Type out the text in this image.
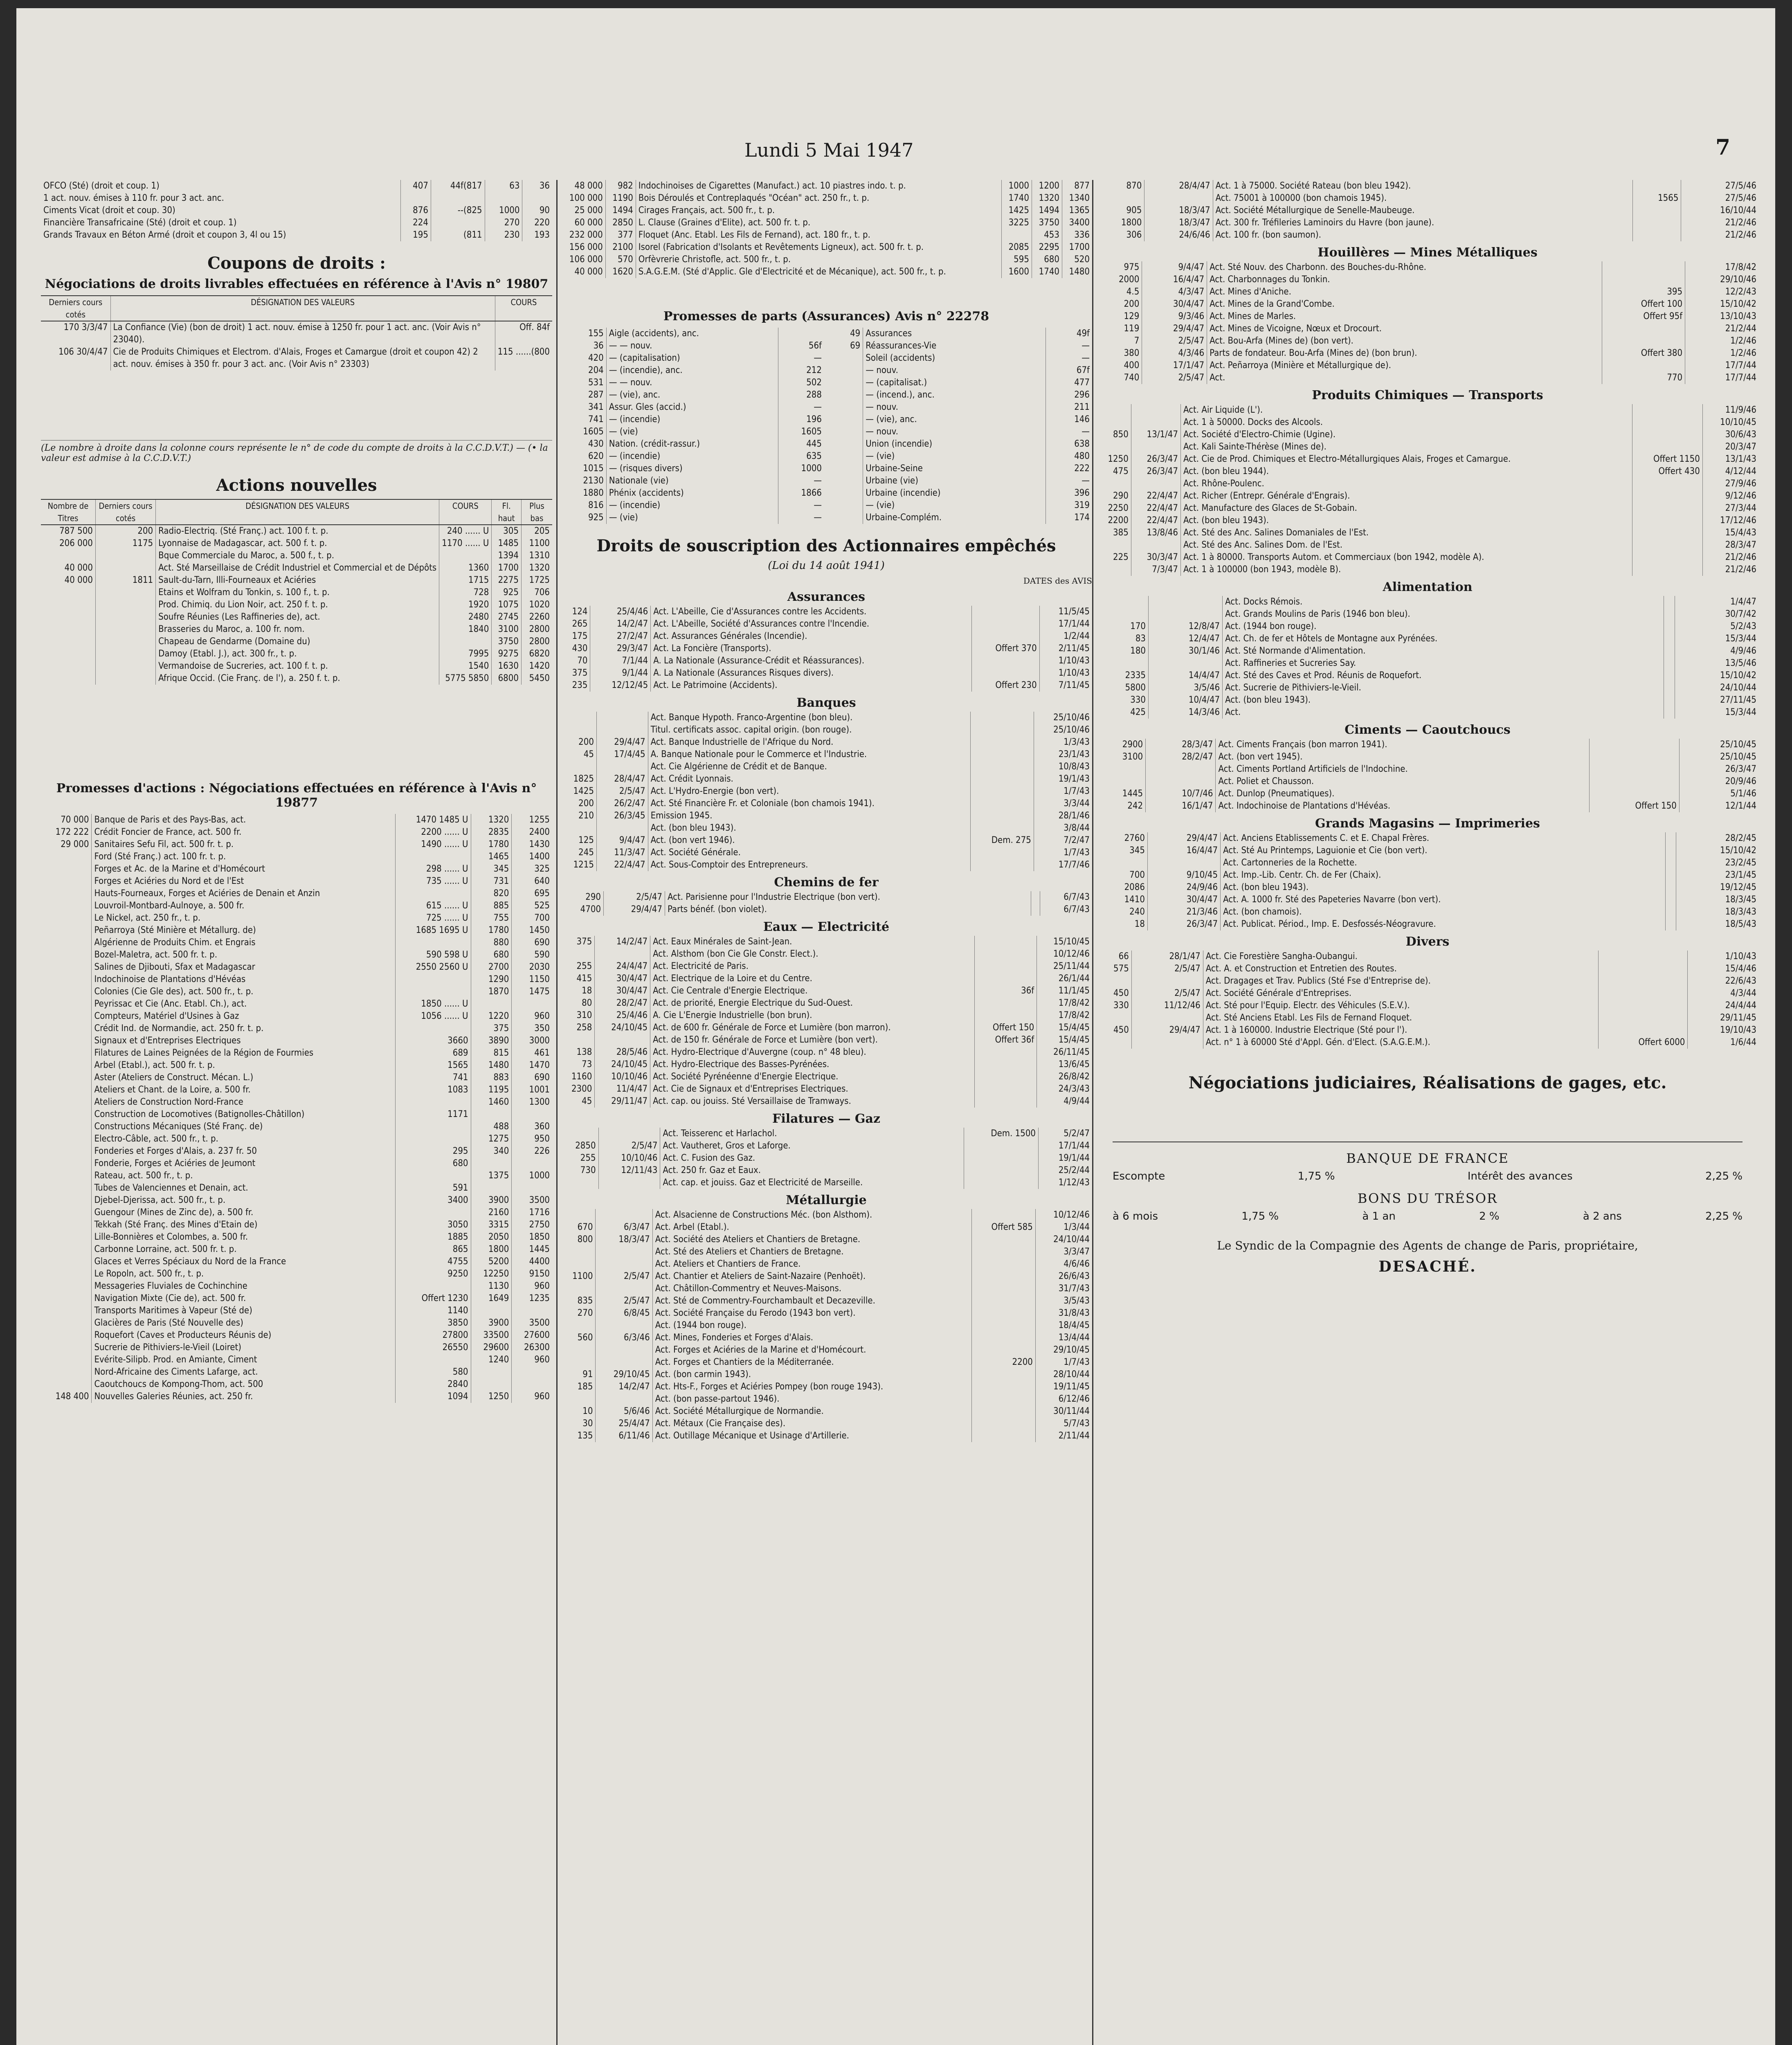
Lundi 5 Mai 1947	7
OFCO (Sté) (droit et coup. 1)	407	44f(817	63	36
1 act. nouv. émises à 110 fr. pour 3 act. anc.				
Ciments Vicat (droit et coup. 30)	876	--(825	1000	90
Financière Transafricaine (Sté) (droit et coup. 1)	224		270	220
Grands Travaux en Béton Armé (droit et coupon 3, 4l ou 15)	195	(811	230	193
Coupons de droits :
Négociations de droits livrables effectuées en référence à l'Avis n° 19807
Derniers cours cotés	DÉSIGNATION DES VALEURS	COURS
170 3/3/47	La Confiance (Vie) (bon de droit) 1 act. nouv. émise à 1250 fr. pour 1 act. anc. (Voir Avis n° 23040).	Off. 84f
106 30/4/47	Cie de Produits Chimiques et Electrom. d'Alais, Froges et Camargue (droit et coupon 42) 2 act. nouv. émises à 350 fr. pour 3 act. anc. (Voir Avis n° 23303)	115 ......(800
(Le nombre à droite dans la colonne cours représente le n° de code du compte de droits à la C.C.D.V.T.) — (• la valeur est admise à la C.C.D.V.T.)
Actions nouvelles
Nombre de Titres	Derniers cours cotés	DÉSIGNATION DES VALEURS	COURS	Fl. haut	Plus bas
787 500	200	Radio-Electriq. (Sté Franç.) act. 100 f. t. p.	240 ...... U	305	205
206 000	1175	Lyonnaise de Madagascar, act. 500 f. t. p.	1170 ...... U	1485	1100
		Bque Commerciale du Maroc, a. 500 f., t. p.		1394	1310
40 000		Act. Sté Marseillaise de Crédit Industriel et Commercial et de Dépôts	1360	1700	1320
40 000	1811	Sault-du-Tarn, Illi-Fourneaux et Aciéries	1715	2275	1725
		Etains et Wolfram du Tonkin, s. 100 f., t. p.	728	925	706
		Prod. Chimiq. du Lion Noir, act. 250 f. t. p.	1920	1075	1020
		Soufre Réunies (Les Raffineries de), act.	2480	2745	2260
		Brasseries du Maroc, a. 100 fr. nom.	1840	3100	2800
		Chapeau de Gendarme (Domaine du)		3750	2800
		Damoy (Etabl. J.), act. 300 fr., t. p.	7995	9275	6820
		Vermandoise de Sucreries, act. 100 f. t. p.	1540	1630	1420
		Afrique Occid. (Cie Franç. de l'), a. 250 f. t. p.	5775 5850	6800	5450
Promesses d'actions : Négociations effectuées en référence à l'Avis n° 19877
70 000	Banque de Paris et des Pays-Bas, act.	1470 1485 U	1320	1255
172 222	Crédit Foncier de France, act. 500 fr.	2200 ...... U	2835	2400
29 000	Sanitaires Sefu Fil, act. 500 fr. t. p.	1490 ...... U	1780	1430
	Ford (Sté Franç.) act. 100 fr. t. p.		1465	1400
	Forges et Ac. de la Marine et d'Homécourt	298 ...... U	345	325
	Forges et Aciéries du Nord et de l'Est	735 ...... U	731	640
	Hauts-Fourneaux, Forges et Aciéries de Denain et Anzin		820	695
	Louvroil-Montbard-Aulnoye, a. 500 fr.	615 ...... U	885	525
	Le Nickel, act. 250 fr., t. p.	725 ...... U	755	700
	Peñarroya (Sté Minière et Métallurg. de)	1685 1695 U	1780	1450
	Algérienne de Produits Chim. et Engrais		880	690
	Bozel-Maletra, act. 500 fr. t. p.	590 598 U	680	590
	Salines de Djibouti, Sfax et Madagascar	2550 2560 U	2700	2030
	Indochinoise de Plantations d'Hévéas		1290	1150
	Colonies (Cie Gle des), act. 500 fr., t. p.		1870	1475
	Peyrissac et Cie (Anc. Etabl. Ch.), act.	1850 ...... U		
	Compteurs, Matériel d'Usines à Gaz	1056 ...... U	1220	960
	Crédit Ind. de Normandie, act. 250 fr. t. p.		375	350
	Signaux et d'Entreprises Electriques	3660	3890	3000
	Filatures de Laines Peignées de la Région de Fourmies	689	815	461
	Arbel (Etabl.), act. 500 fr. t. p.	1565	1480	1470
	Aster (Ateliers de Construct. Mécan. L.)	741	883	690
	Ateliers et Chant. de la Loire, a. 500 fr.	1083	1195	1001
	Ateliers de Construction Nord-France		1460	1300
	Construction de Locomotives (Batignolles-Châtillon)	1171		
	Constructions Mécaniques (Sté Franç. de)		488	360
	Electro-Câble, act. 500 fr., t. p.		1275	950
	Fonderies et Forges d'Alais, a. 237 fr. 50	295	340	226
	Fonderie, Forges et Aciéries de Jeumont	680		
	Rateau, act. 500 fr., t. p.		1375	1000
	Tubes de Valenciennes et Denain, act.	591		
	Djebel-Djerissa, act. 500 fr., t. p.	3400	3900	3500
	Guengour (Mines de Zinc de), a. 500 fr.		2160	1716
	Tekkah (Sté Franç. des Mines d'Etain de)	3050	3315	2750
	Lille-Bonnières et Colombes, a. 500 fr.	1885	2050	1850
	Carbonne Lorraine, act. 500 fr. t. p.	865	1800	1445
	Glaces et Verres Spéciaux du Nord de la France	4755	5200	4400
	Le Ropoln, act. 500 fr., t. p.	9250	12250	9150
	Messageries Fluviales de Cochinchine		1130	960
	Navigation Mixte (Cie de), act. 500 fr.	Offert 1230	1649	1235
	Transports Maritimes à Vapeur (Sté de)	1140		
	Glacières de Paris (Sté Nouvelle des)	3850	3900	3500
	Roquefort (Caves et Producteurs Réunis de)	27800	33500	27600
	Sucrerie de Pithiviers-le-Vieil (Loiret)	26550	29600	26300
	Evérite-Silipb. Prod. en Amiante, Ciment		1240	960
	Nord-Africaine des Ciments Lafarge, act.	580		
	Caoutchoucs de Kompong-Thom, act. 500	2840		
148 400	Nouvelles Galeries Réunies, act. 250 fr.	1094	1250	960
48 000	982	Indochinoises de Cigarettes (Manufact.) act. 10 piastres indo. t. p.	1000	1200	877
100 000	1190	Bois Déroulés et Contreplaqués "Océan" act. 250 fr., t. p.	1740	1320	1340
25 000	1494	Cirages Français, act. 500 fr., t. p.	1425	1494	1365
60 000	2850	L. Clause (Graines d'Elite), act. 500 fr. t. p.	3225	3750	3400
232 000	377	Floquet (Anc. Etabl. Les Fils de Fernand), act. 180 fr., t. p.		453	336
156 000	2100	Isorel (Fabrication d'Isolants et Revêtements Ligneux), act. 500 fr. t. p.	2085	2295	1700
106 000	570	Orfèvrerie Christofle, act. 500 fr., t. p.	595	680	520
40 000	1620	S.A.G.E.M. (Sté d'Applic. Gle d'Electricité et de Mécanique), act. 500 fr., t. p.	1600	1740	1480
Promesses de parts (Assurances) Avis n° 22278
155	Aigle (accidents), anc.	
36	— — nouv.	56f
420	— (capitalisation)	—
204	— (incendie), anc.	212
531	— — nouv.	502
287	— (vie), anc.	288
341	Assur. Gles (accid.)	—
741	— (incendie)	196
1605	— (vie)	1605
430	Nation. (crédit-rassur.)	445
620	— (incendie)	635
1015	— (risques divers)	1000
2130	Nationale (vie)	—
1880	Phénix (accidents)	1866
816	— (incendie)	—
925	— (vie)	—
49	Assurances	49f
69	Réassurances-Vie	—
	Soleil (accidents)	—
	— nouv.	67f
	— (capitalisat.)	477
	— (incend.), anc.	296
	— nouv.	211
	— (vie), anc.	146
	— nouv.	—
	Union (incendie)	638
	— (vie)	480
	Urbaine-Seine	222
	Urbaine (vie)	—
	Urbaine (incendie)	396
	— (vie)	319
	Urbaine-Complém.	174
Droits de souscription des Actionnaires empêchés
(Loi du 14 août 1941)
DATES des AVIS
Assurances
124	25/4/46	Act. L'Abeille, Cie d'Assurances contre les Accidents.		11/5/45
265	14/2/47	Act. L'Abeille, Société d'Assurances contre l'Incendie.		17/1/44
175	27/2/47	Act. Assurances Générales (Incendie).		1/2/44
430	29/3/47	Act. La Foncière (Transports).	Offert 370	2/11/45
70	7/1/44	A. La Nationale (Assurance-Crédit et Réassurances).		1/10/43
375	9/1/44	A. La Nationale (Assurances Risques divers).		1/10/43
235	12/12/45	Act. Le Patrimoine (Accidents).	Offert 230	7/11/45
Banques
		Act. Banque Hypoth. Franco-Argentine (bon bleu).		25/10/46
		Titul. certificats assoc. capital origin. (bon rouge).		25/10/46
200	29/4/47	Act. Banque Industrielle de l'Afrique du Nord.		1/3/43
45	17/4/45	A. Banque Nationale pour le Commerce et l'Industrie.		23/1/43
		Act. Cie Algérienne de Crédit et de Banque.		10/8/43
1825	28/4/47	Act. Crédit Lyonnais.		19/1/43
1425	2/5/47	Act. L'Hydro-Energie (bon vert).		1/7/43
200	26/2/47	Act. Sté Financière Fr. et Coloniale (bon chamois 1941).		3/3/44
210	26/3/45	Emission 1945.		28/1/46
		Act. (bon bleu 1943).		3/8/44
125	9/4/47	Act. (bon vert 1946).	Dem. 275	7/2/47
245	11/3/47	Act. Société Générale.		1/7/43
1215	22/4/47	Act. Sous-Comptoir des Entrepreneurs.		17/7/46
Chemins de fer
290	2/5/47	Act. Parisienne pour l'Industrie Electrique (bon vert).		6/7/43
4700	29/4/47	Parts bénéf. (bon violet).		6/7/43
Eaux — Electricité
375	14/2/47	Act. Eaux Minérales de Saint-Jean.		15/10/45
		Act. Alsthom (bon Cie Gle Constr. Elect.).		10/12/46
255	24/4/47	Act. Electricité de Paris.		25/11/44
415	30/4/47	Act. Electrique de la Loire et du Centre.		26/1/44
18	30/4/47	Act. Cie Centrale d'Energie Electrique.	36f	11/1/45
80	28/2/47	Act. de priorité, Energie Electrique du Sud-Ouest.		17/8/42
310	25/4/46	A. Cie L'Energie Industrielle (bon brun).		17/8/42
258	24/10/45	Act. de 600 fr. Générale de Force et Lumière (bon marron).	Offert 150	15/4/45
		Act. de 150 fr. Générale de Force et Lumière (bon vert).	Offert 36f	15/4/45
138	28/5/46	Act. Hydro-Electrique d'Auvergne (coup. n° 48 bleu).		26/11/45
73	24/10/45	Act. Hydro-Electrique des Basses-Pyrénées.		13/6/45
1160	10/10/46	Act. Société Pyrénéenne d'Energie Electrique.		26/8/42
2300	11/4/47	Act. Cie de Signaux et d'Entreprises Electriques.		24/3/43
45	29/11/47	Act. cap. ou jouiss. Sté Versaillaise de Tramways.		4/9/44
Filatures — Gaz
		Act. Teisserenc et Harlachol.	Dem. 1500	5/2/47
2850	2/5/47	Act. Vautheret, Gros et Laforge.		17/1/44
255	10/10/46	Act. C. Fusion des Gaz.		19/1/44
730	12/11/43	Act. 250 fr. Gaz et Eaux.		25/2/44
		Act. cap. et jouiss. Gaz et Electricité de Marseille.		1/12/43
Métallurgie
		Act. Alsacienne de Constructions Méc. (bon Alsthom).		10/12/46
670	6/3/47	Act. Arbel (Etabl.).	Offert 585	1/3/44
800	18/3/47	Act. Société des Ateliers et Chantiers de Bretagne.		24/10/44
		Act. Sté des Ateliers et Chantiers de Bretagne.		3/3/47
		Act. Ateliers et Chantiers de France.		4/6/46
1100	2/5/47	Act. Chantier et Ateliers de Saint-Nazaire (Penhoët).		26/6/43
		Act. Châtillon-Commentry et Neuves-Maisons.		31/7/43
835	2/5/47	Act. Sté de Commentry-Fourchambault et Decazeville.		3/5/43
270	6/8/45	Act. Société Française du Ferodo (1943 bon vert).		31/8/43
		Act. (1944 bon rouge).		18/4/45
560	6/3/46	Act. Mines, Fonderies et Forges d'Alais.		13/4/44
		Act. Forges et Aciéries de la Marine et d'Homécourt.		29/10/45
		Act. Forges et Chantiers de la Méditerranée.	2200	1/7/43
91	29/10/45	Act. (bon carmin 1943).		28/10/44
185	14/2/47	Act. Hts-F., Forges et Aciéries Pompey (bon rouge 1943).		19/11/45
		Act. (bon passe-partout 1946).		6/12/46
10	5/6/46	Act. Société Métallurgique de Normandie.		30/11/44
30	25/4/47	Act. Métaux (Cie Française des).		5/7/43
135	6/11/46	Act. Outillage Mécanique et Usinage d'Artillerie.		2/11/44
870	28/4/47	Act. 1 à 75000. Société Rateau (bon bleu 1942).		27/5/46
		Act. 75001 à 100000 (bon chamois 1945).	1565	27/5/46
905	18/3/47	Act. Société Métallurgique de Senelle-Maubeuge.		16/10/44
1800	18/3/47	Act. 300 fr. Tréfileries Laminoirs du Havre (bon jaune).		21/2/46
306	24/6/46	Act. 100 fr. (bon saumon).		21/2/46
Houillères — Mines Métalliques
975	9/4/47	Act. Sté Nouv. des Charbonn. des Bouches-du-Rhône.		17/8/42
2000	16/4/47	Act. Charbonnages du Tonkin.		29/10/46
4.5	4/3/47	Act. Mines d'Aniche.	395	12/2/43
200	30/4/47	Act. Mines de la Grand'Combe.	Offert 100	15/10/42
129	9/3/46	Act. Mines de Marles.	Offert 95f	13/10/43
119	29/4/47	Act. Mines de Vicoigne, Nœux et Drocourt.		21/2/44
7	2/5/47	Act. Bou-Arfa (Mines de) (bon vert).		1/2/46
380	4/3/46	Parts de fondateur. Bou-Arfa (Mines de) (bon brun).	Offert 380	1/2/46
400	17/1/47	Act. Peñarroya (Minière et Métallurgique de).		17/7/44
740	2/5/47	Act.	770	17/7/44
Produits Chimiques — Transports
		Act. Air Liquide (L').		11/9/46
		Act. 1 à 50000. Docks des Alcools.		10/10/45
850	13/1/47	Act. Société d'Electro-Chimie (Ugine).		30/6/43
		Act. Kali Sainte-Thérèse (Mines de).		20/3/47
1250	26/3/47	Act. Cie de Prod. Chimiques et Electro-Métallurgiques Alais, Froges et Camargue.	Offert 1150	13/1/43
475	26/3/47	Act. (bon bleu 1944).	Offert 430	4/12/44
		Act. Rhône-Poulenc.		27/9/46
290	22/4/47	Act. Richer (Entrepr. Générale d'Engrais).		9/12/46
2250	22/4/47	Act. Manufacture des Glaces de St-Gobain.		27/3/44
2200	22/4/47	Act. (bon bleu 1943).		17/12/46
385	13/8/46	Act. Sté des Anc. Salines Domaniales de l'Est.		15/4/43
		Act. Sté des Anc. Salines Dom. de l'Est.		28/3/47
225	30/3/47	Act. 1 à 80000. Transports Autom. et Commerciaux (bon 1942, modèle A).		21/2/46
	7/3/47	Act. 1 à 100000 (bon 1943, modèle B).		21/2/46
Alimentation
		Act. Docks Rémois.		1/4/47
		Act. Grands Moulins de Paris (1946 bon bleu).		30/7/42
170	12/8/47	Act. (1944 bon rouge).		5/2/43
83	12/4/47	Act. Ch. de fer et Hôtels de Montagne aux Pyrénées.		15/3/44
180	30/1/46	Act. Sté Normande d'Alimentation.		4/9/46
		Act. Raffineries et Sucreries Say.		13/5/46
2335	14/4/47	Act. Sté des Caves et Prod. Réunis de Roquefort.		15/10/42
5800	3/5/46	Act. Sucrerie de Pithiviers-le-Vieil.		24/10/44
330	10/4/47	Act. (bon bleu 1943).		27/11/45
425	14/3/46	Act.		15/3/44
Ciments — Caoutchoucs
2900	28/3/47	Act. Ciments Français (bon marron 1941).		25/10/45
3100	28/2/47	Act. (bon vert 1945).		25/10/45
		Act. Ciments Portland Artificiels de l'Indochine.		26/3/47
		Act. Poliet et Chausson.		20/9/46
1445	10/7/46	Act. Dunlop (Pneumatiques).		5/1/46
242	16/1/47	Act. Indochinoise de Plantations d'Hévéas.	Offert 150	12/1/44
Grands Magasins — Imprimeries
2760	29/4/47	Act. Anciens Etablissements C. et E. Chapal Frères.		28/2/45
345	16/4/47	Act. Sté Au Printemps, Laguionie et Cie (bon vert).		15/10/42
		Act. Cartonneries de la Rochette.		23/2/45
700	9/10/45	Act. Imp.-Lib. Centr. Ch. de Fer (Chaix).		23/1/45
2086	24/9/46	Act. (bon bleu 1943).		19/12/45
1410	30/4/47	Act. A. 1000 fr. Sté des Papeteries Navarre (bon vert).		18/3/45
240	21/3/46	Act. (bon chamois).		18/3/43
18	26/3/47	Act. Publicat. Périod., Imp. E. Desfossés-Néogravure.		18/5/43
Divers
66	28/1/47	Act. Cie Forestière Sangha-Oubangui.		1/10/43
575	2/5/47	Act. A. et Construction et Entretien des Routes.		15/4/46
		Act. Dragages et Trav. Publics (Sté Fse d'Entreprise de).		22/6/43
450	2/5/47	Act. Société Générale d'Entreprises.		4/3/44
330	11/12/46	Act. Sté pour l'Equip. Electr. des Véhicules (S.E.V.).		24/4/44
		Act. Sté Anciens Etabl. Les Fils de Fernand Floquet.		29/11/45
450	29/4/47	Act. 1 à 160000. Industrie Electrique (Sté pour l').		19/10/43
		Act. n° 1 à 60000 Sté d'Appl. Gén. d'Elect. (S.A.G.E.M.).	Offert 6000	1/6/44
Négociations judiciaires, Réalisations de gages, etc.
BANQUE DE FRANCE
Escompte	1,75 %	Intérêt des avances	2,25 %
BONS DU TRÉSOR
à 6 mois	1,75 %	à 1 an	2 %	à 2 ans	2,25 %
Le Syndic de la Compagnie des Agents de change de Paris, propriétaire,
DESACHÉ.
